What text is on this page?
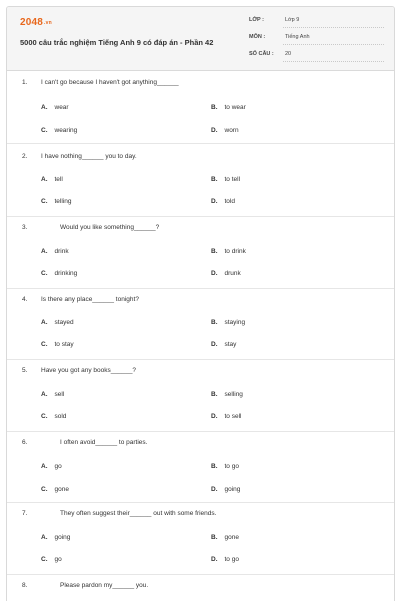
2048.vn
5000 câu trắc nghiệm Tiếng Anh 9 có đáp án - Phần 42
LỚP :	Lớp 9
MÔN :	Tiếng Anh
SỐ CÂU : 20
1. I can't go because I haven't got anything______
A. wear	B. to wear
C. wearing	D. worn
2. I have nothing______ you to day.
A. tell	B. to tell
C. telling	D. told
3.	Would you like something______?
A. drink	B. to drink
C. drinking	D. drunk
4. Is there any place______ tonight?
A. stayed	B. staying
C. to stay	D. stay
5. Have you got any books______?
A. sell	B. selling
C. sold	D. to sell
6.	I often avoid______ to parties.
A. go	B. to go
C. gone	D. going
7.	They often suggest their______ out with some friends.
A. going	B. gone
C. go	D. to go
8.	Please pardon my______ you.
